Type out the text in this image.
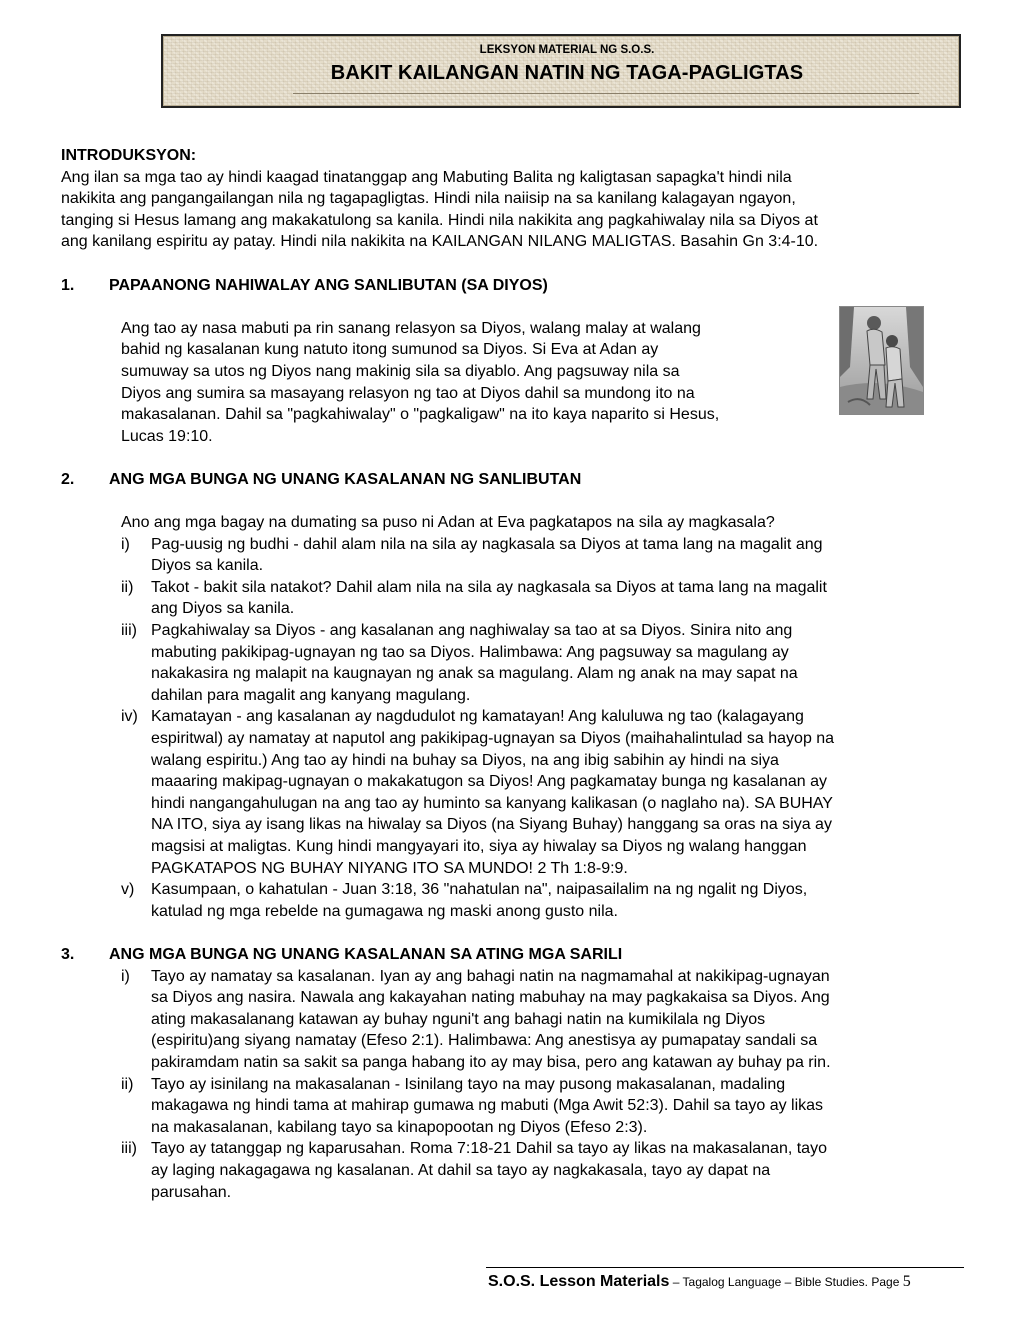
LEKSYON MATERIAL NG S.O.S.
BAKIT KAILANGAN NATIN NG TAGA-PAGLIGTAS
INTRODUKSYON:
Ang ilan sa mga tao ay hindi kaagad tinatanggap ang Mabuting Balita ng kaligtasan sapagka't hindi nila
nakikita ang pangangailangan nila ng tagapagligtas. Hindi nila naiisip na sa kanilang kalagayan ngayon,
tanging si Hesus lamang ang makakatulong sa kanila. Hindi nila nakikita ang pagkahiwalay nila sa Diyos at
ang kanilang espiritu ay patay. Hindi nila nakikita na KAILANGAN NILANG MALIGTAS. Basahin Gn 3:4-10.
1.	PAPAANONG NAHIWALAY ANG SANLIBUTAN (SA DIYOS)
Ang tao ay nasa mabuti pa rin sanang relasyon sa Diyos, walang malay at walang
bahid ng kasalanan kung natuto itong sumunod sa Diyos. Si Eva at Adan ay
sumuway sa utos ng Diyos nang makinig sila sa diyablo. Ang pagsuway nila sa
Diyos ang sumira sa masayang relasyon ng tao at Diyos dahil sa mundong ito na
makasalanan. Dahil sa "pagkahiwalay" o "pagkaligaw" na ito kaya naparito si Hesus,
Lucas 19:10.
2.	ANG MGA BUNGA NG UNANG KASALANAN NG SANLIBUTAN
Ano ang mga bagay na dumating sa puso ni Adan at Eva pagkatapos na sila ay magkasala?
i)	Pag-uusig ng budhi - dahil alam nila na sila ay nagkasala sa Diyos at tama lang na magalit ang
Diyos sa kanila.
ii)	Takot - bakit sila natakot? Dahil alam nila na sila ay nagkasala sa Diyos at tama lang na magalit
ang Diyos sa kanila.
iii) Pagkahiwalay sa Diyos - ang kasalanan ang naghiwalay sa tao at sa Diyos. Sinira nito ang
mabuting pakikipag-ugnayan ng tao sa Diyos. Halimbawa: Ang pagsuway sa magulang ay
nakakasira ng malapit na kaugnayan ng anak sa magulang. Alam ng anak na may sapat na
dahilan para magalit ang kanyang magulang.
iv) Kamatayan - ang kasalanan ay nagdudulot ng kamatayan! Ang kaluluwa ng tao (kalagayang
espiritwal) ay namatay at naputol ang pakikipag-ugnayan sa Diyos (maihahalintulad sa hayop na
walang espiritu.) Ang tao ay hindi na buhay sa Diyos, na ang ibig sabihin ay hindi na siya
maaaring makipag-ugnayan o makakatugon sa Diyos! Ang pagkamatay bunga ng kasalanan ay
hindi nangangahulugan na ang tao ay huminto sa kanyang kalikasan (o naglaho na). SA BUHAY
NA ITO, siya ay isang likas na hiwalay sa Diyos (na Siyang Buhay) hanggang sa oras na siya ay
magsisi at maligtas. Kung hindi mangyayari ito, siya ay hiwalay sa Diyos ng walang hanggan
PAGKATAPOS NG BUHAY NIYANG ITO SA MUNDO! 2 Th 1:8-9:9.
v)	Kasumpaan, o kahatulan - Juan 3:18, 36 "nahatulan na", naipasailalim na ng ngalit ng Diyos,
katulad ng mga rebelde na gumagawa ng maski anong gusto nila.
3.	ANG MGA BUNGA NG UNANG KASALANAN SA ATING MGA SARILI
i)	Tayo ay namatay sa kasalanan. Iyan ay ang bahagi natin na nagmamahal at nakikipag-ugnayan
sa Diyos ang nasira. Nawala ang kakayahan nating mabuhay na may pagkakaisa sa Diyos. Ang
ating makasalanang katawan ay buhay nguni't ang bahagi natin na kumikilala ng Diyos
(espiritu)ang siyang namatay (Efeso 2:1). Halimbawa: Ang anestisya ay pumapatay sandali sa
pakiramdam natin sa sakit sa panga habang ito ay may bisa, pero ang katawan ay buhay pa rin.
ii)	Tayo ay isinilang na makasalanan - Isinilang tayo na may pusong makasalanan, madaling
makagawa ng hindi tama at mahirap gumawa ng mabuti (Mga Awit 52:3). Dahil sa tayo ay likas
na makasalanan, kabilang tayo sa kinapopootan ng Diyos (Efeso 2:3).
iii) Tayo ay tatanggap ng kaparusahan. Roma 7:18-21 Dahil sa tayo ay likas na makasalanan, tayo
ay laging nakagagawa ng kasalanan. At dahil sa tayo ay nagkakasala, tayo ay dapat na
parusahan.
S.O.S. Lesson Materials – Tagalog Language – Bible Studies. Page 5
